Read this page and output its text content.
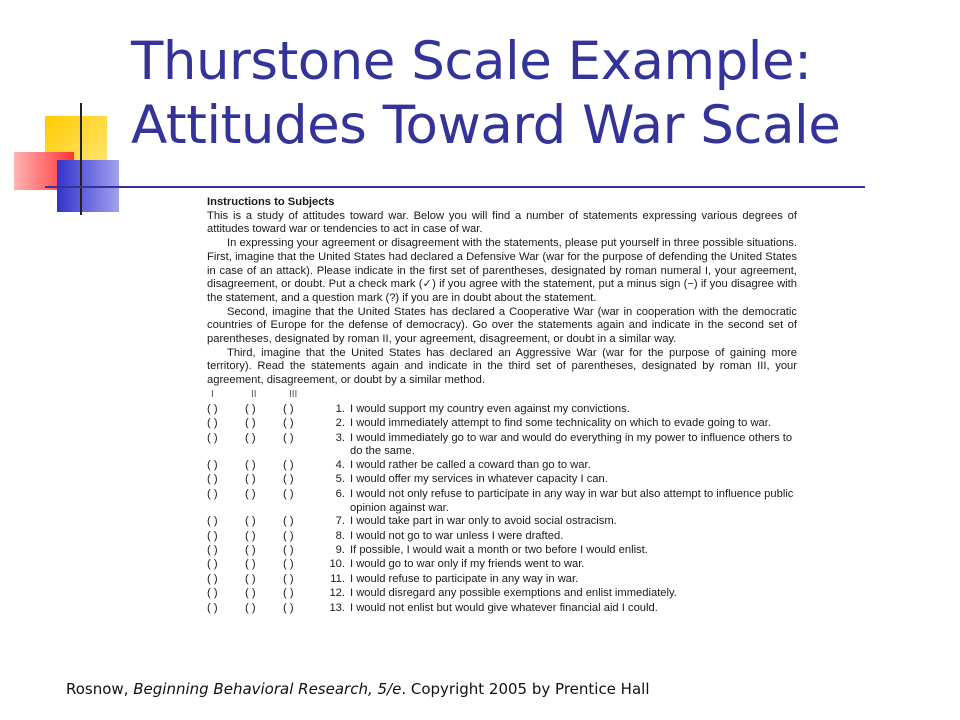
Thurstone Scale Example:
Attitudes Toward War Scale
Instructions to Subjects

This is a study of attitudes toward war. Below you will find a number of statements expressing various degrees of attitudes toward war or tendencies to act in case of war.

In expressing your agreement or disagreement with the statements, please put yourself in three possible situations. First, imagine that the United States had declared a Defensive War (war for the purpose of defending the United States in case of an attack). Please indicate in the first set of parentheses, designated by roman numeral I, your agreement, disagreement, or doubt. Put a check mark (✓) if you agree with the statement, put a minus sign (−) if you disagree with the statement, and a question mark (?) if you are in doubt about the statement.

Second, imagine that the United States has declared a Cooperative War (war in cooperation with the democratic countries of Europe for the defense of democracy). Go over the statements again and indicate in the second set of parentheses, designated by roman II, your agreement, disagreement, or doubt in a similar way.

Third, imagine that the United States has declared an Aggressive War (war for the purpose of gaining more territory). Read the statements again and indicate in the third set of parentheses, designated by roman III, your agreement, disagreement, or doubt by a similar method.

I	II	III
( ) ( ) ( )	1. I would support my country even against my convictions.
( ) ( ) ( )	2. I would immediately attempt to find some technicality on which to evade going to war.
( ) ( ) ( )	3. I would immediately go to war and would do everything in my power to influence others to do the same.
( ) ( ) ( )	4. I would rather be called a coward than go to war.
( ) ( ) ( )	5. I would offer my services in whatever capacity I can.
( ) ( ) ( )	6. I would not only refuse to participate in any way in war but also attempt to influence public opinion against war.
( ) ( ) ( )	7. I would take part in war only to avoid social ostracism.
( ) ( ) ( )	8. I would not go to war unless I were drafted.
( ) ( ) ( )	9. If possible, I would wait a month or two before I would enlist.
( ) ( ) ( )	10. I would go to war only if my friends went to war.
( ) ( ) ( )	11. I would refuse to participate in any way in war.
( ) ( ) ( )	12. I would disregard any possible exemptions and enlist immediately.
( ) ( ) ( )	13. I would not enlist but would give whatever financial aid I could.
Rosnow, Beginning Behavioral Research, 5/e. Copyright 2005 by Prentice Hall
